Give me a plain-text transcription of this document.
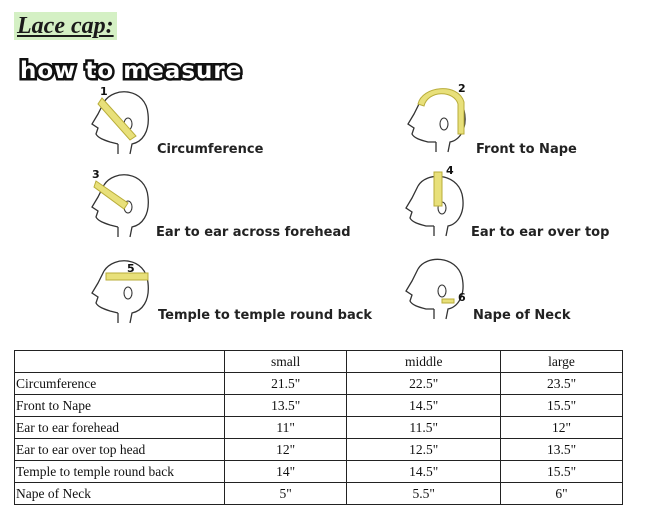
Lace cap:
how to measure
1
Circumference
2
Front to Nape
3
Ear to ear across forehead
4
Ear to ear over top
5
Temple to temple round back
6
Nape of Neck
	small	middle	large
Circumference	21.5"	22.5"	23.5"
Front to Nape	13.5"	14.5"	15.5"
Ear to ear forehead	11"	11.5"	12"
Ear to ear over top head	12"	12.5"	13.5"
Temple to temple round back	14"	14.5"	15.5"
Nape of Neck	5"	5.5"	6"
